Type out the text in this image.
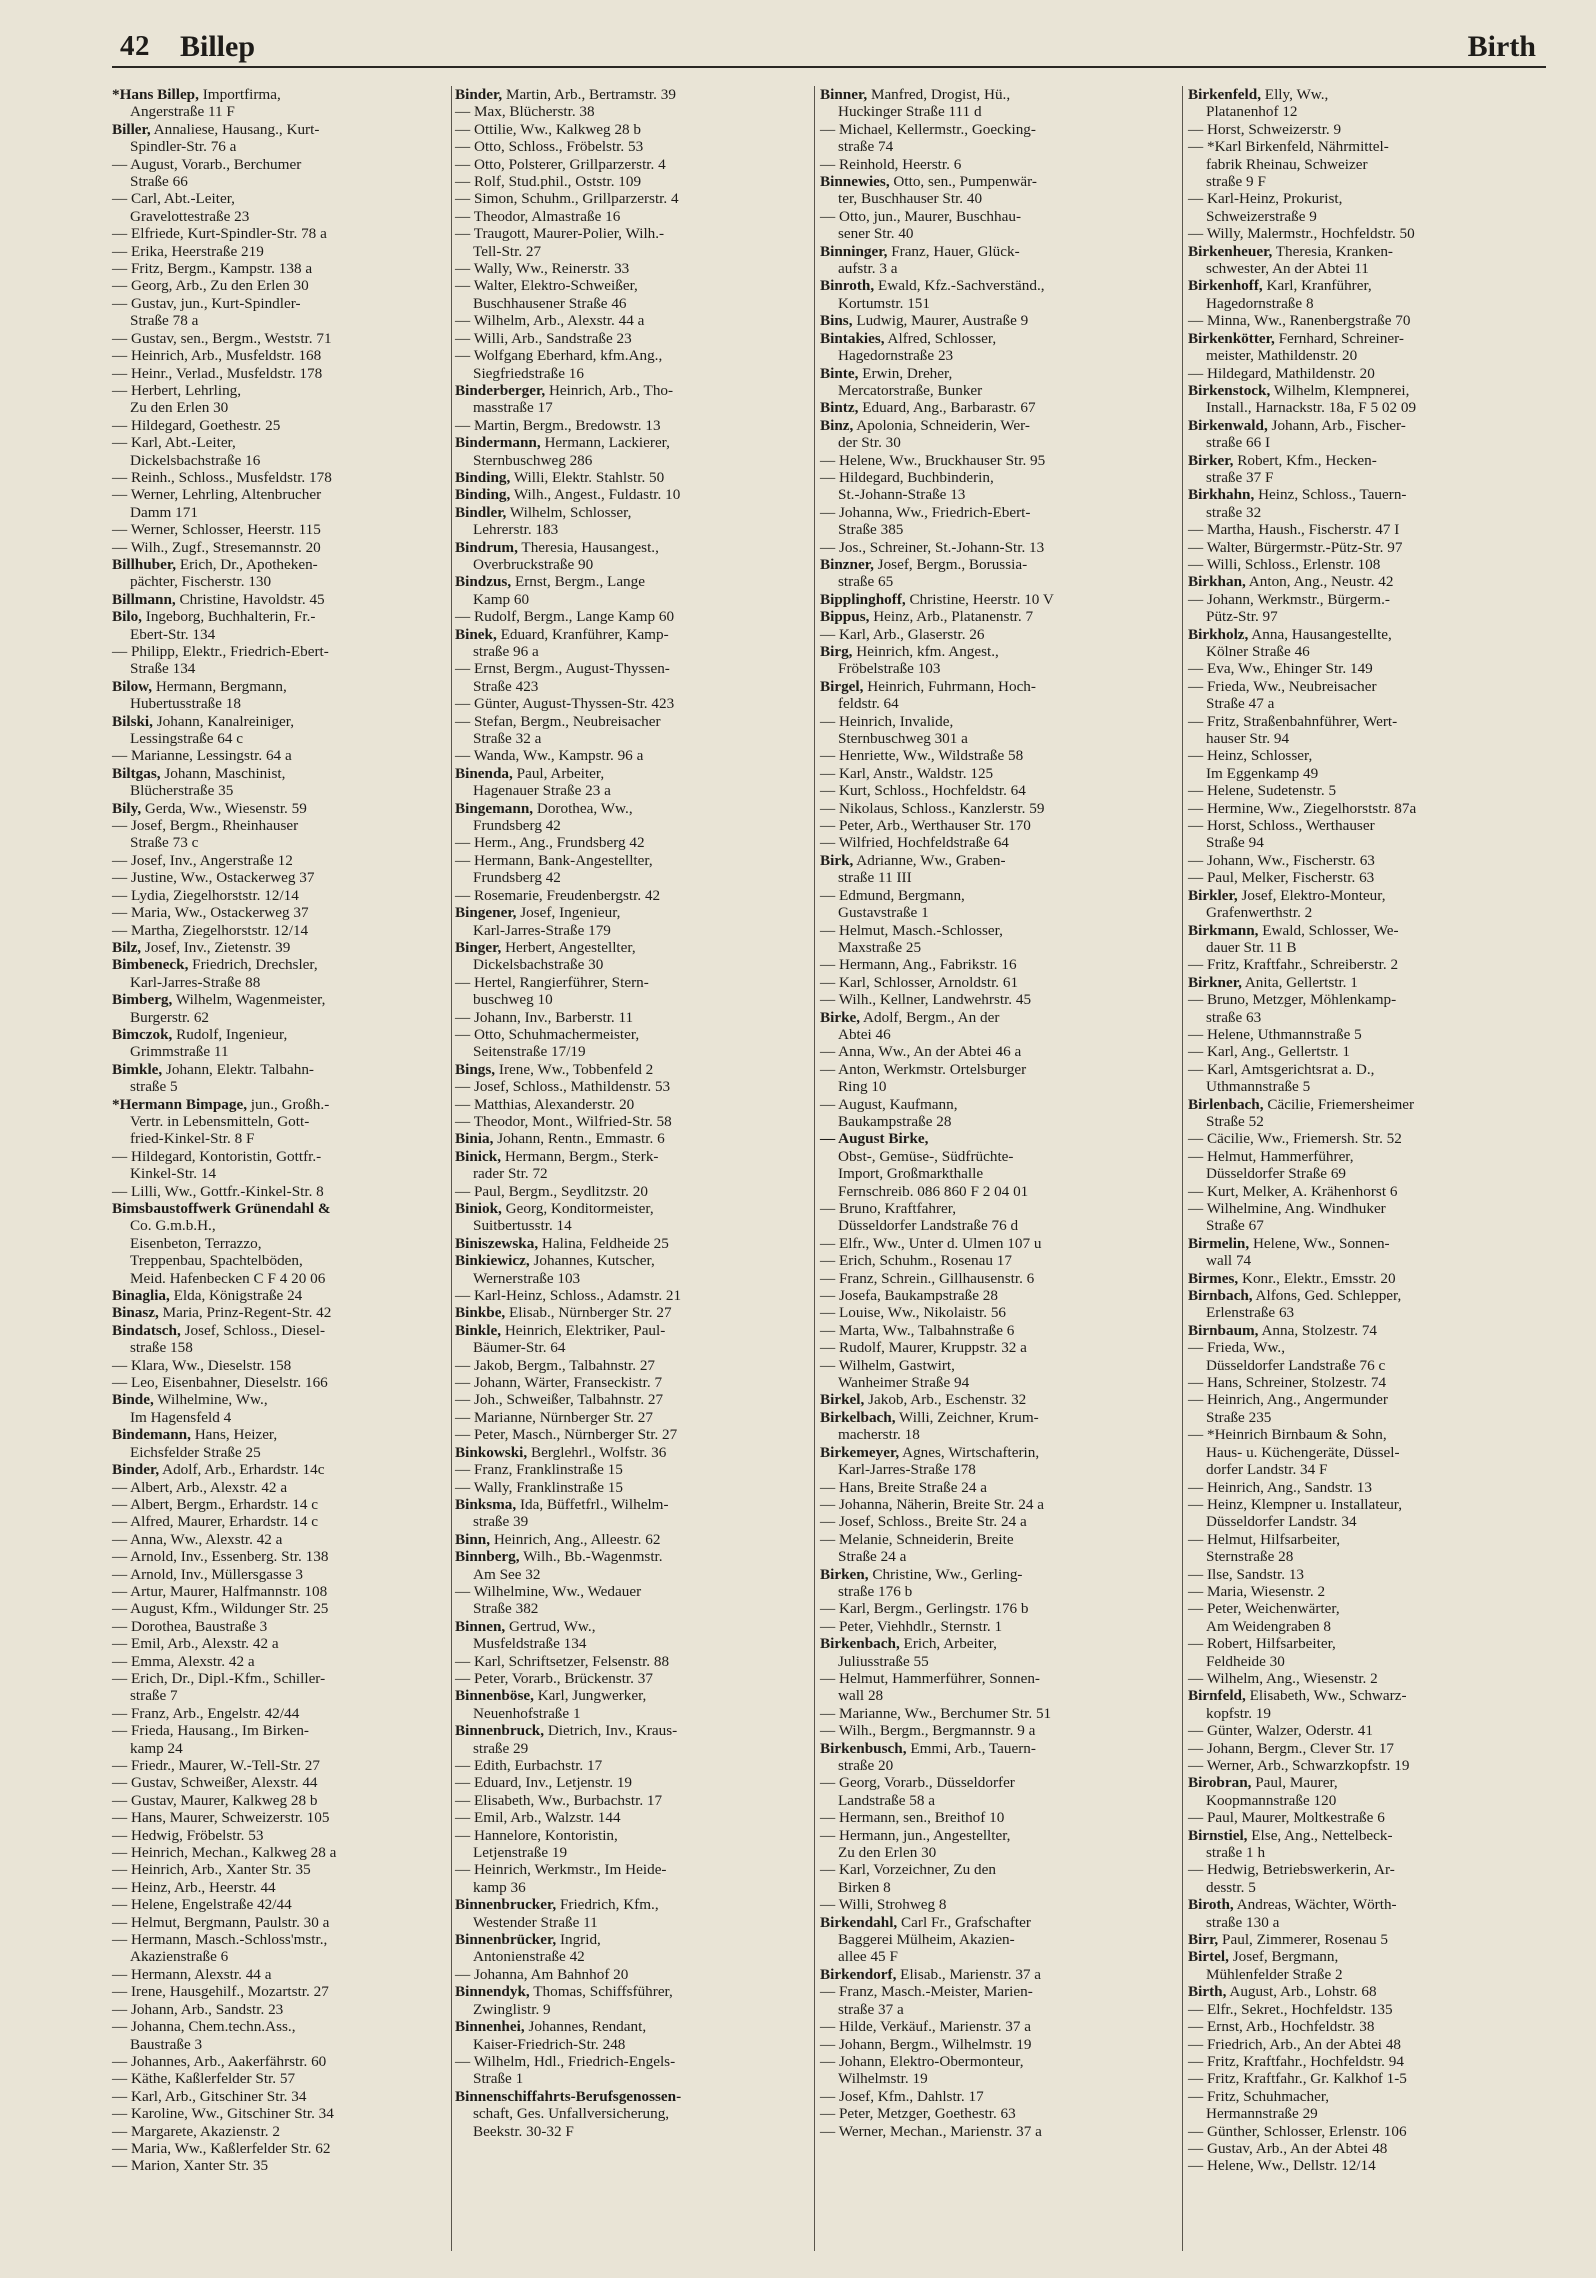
42 Billep	Birth

*Hans Billep, Importfirma,
Angerstraße 11 F

Biller, Annaliese, Hausang., Kurt-
Spindler-Str. 76 a

— August, Vorarb., Berchumer
Straße 66

— Carl, Abt.-Leiter,
Gravelottestraße 23

— Elfriede, Kurt-Spindler-Str. 78 a

— Erika, Heerstraße 219

— Fritz, Bergm., Kampstr. 138 a

— Georg, Arb., Zu den Erlen 30

— Gustav, jun., Kurt-Spindler-
Straße 78 a

— Gustav, sen., Bergm., Weststr. 71

— Heinrich, Arb., Musfeldstr. 168

— Heinr., Verlad., Musfeldstr. 178

— Herbert, Lehrling,
Zu den Erlen 30

— Hildegard, Goethestr. 25

— Karl, Abt.-Leiter,
Dickelsbachstraße 16

— Reinh., Schloss., Musfeldstr. 178

— Werner, Lehrling, Altenbrucher
Damm 171

— Werner, Schlosser, Heerstr. 115

— Wilh., Zugf., Stresemannstr. 20

Billhuber, Erich, Dr., Apotheken-
pächter, Fischerstr. 130

Billmann, Christine, Havoldstr. 45

Bilo, Ingeborg, Buchhalterin, Fr.-
Ebert-Str. 134

— Philipp, Elektr., Friedrich-Ebert-
Straße 134

Bilow, Hermann, Bergmann,
Hubertusstraße 18

Bilski, Johann, Kanalreiniger,
Lessingstraße 64 c

— Marianne, Lessingstr. 64 a

Biltgas, Johann, Maschinist,
Blücherstraße 35

Bily, Gerda, Ww., Wiesenstr. 59

— Josef, Bergm., Rheinhauser
Straße 73 c

— Josef, Inv., Angerstraße 12

— Justine, Ww., Ostackerweg 37

— Lydia, Ziegelhorststr. 12/14

— Maria, Ww., Ostackerweg 37

— Martha, Ziegelhorststr. 12/14

Bilz, Josef, Inv., Zietenstr. 39

Bimbeneck, Friedrich, Drechsler,
Karl-Jarres-Straße 88

Bimberg, Wilhelm, Wagenmeister,
Burgerstr. 62

Bimczok, Rudolf, Ingenieur,
Grimmstraße 11

Bimkle, Johann, Elektr. Talbahn-
straße 5

*Hermann Bimpage, jun., Großh.-
Vertr. in Lebensmitteln, Gott-
fried-Kinkel-Str. 8 F

— Hildegard, Kontoristin, Gottfr.-
Kinkel-Str. 14

— Lilli, Ww., Gottfr.-Kinkel-Str. 8

Bimsbaustoffwerk Grünendahl &
Co. G.m.b.H.,
Eisenbeton, Terrazzo,
Treppenbau, Spachtelböden,
Meid. Hafenbecken C F 4 20 06

Binaglia, Elda, Königstraße 24

Binasz, Maria, Prinz-Regent-Str. 42

Bindatsch, Josef, Schloss., Diesel-
straße 158

— Klara, Ww., Dieselstr. 158

— Leo, Eisenbahner, Dieselstr. 166

Binde, Wilhelmine, Ww.,
Im Hagensfeld 4

Bindemann, Hans, Heizer,
Eichsfelder Straße 25

Binder, Adolf, Arb., Erhardstr. 14c

— Albert, Arb., Alexstr. 42 a

— Albert, Bergm., Erhardstr. 14 c

— Alfred, Maurer, Erhardstr. 14 c

— Anna, Ww., Alexstr. 42 a

— Arnold, Inv., Essenberg. Str. 138

— Arnold, Inv., Müllersgasse 3

— Artur, Maurer, Halfmannstr. 108

— August, Kfm., Wildunger Str. 25

— Dorothea, Baustraße 3

— Emil, Arb., Alexstr. 42 a

— Emma, Alexstr. 42 a

— Erich, Dr., Dipl.-Kfm., Schiller-
straße 7

— Franz, Arb., Engelstr. 42/44

— Frieda, Hausang., Im Birken-
kamp 24

— Friedr., Maurer, W.-Tell-Str. 27

— Gustav, Schweißer, Alexstr. 44

— Gustav, Maurer, Kalkweg 28 b

— Hans, Maurer, Schweizerstr. 105

— Hedwig, Fröbelstr. 53

— Heinrich, Mechan., Kalkweg 28 a

— Heinrich, Arb., Xanter Str. 35

— Heinz, Arb., Heerstr. 44

— Helene, Engelstraße 42/44

— Helmut, Bergmann, Paulstr. 30 a

— Hermann, Masch.-Schloss'mstr.,
Akazienstraße 6

— Hermann, Alexstr. 44 a

— Irene, Hausgehilf., Mozartstr. 27

— Johann, Arb., Sandstr. 23

— Johanna, Chem.techn.Ass.,
Baustraße 3

— Johannes, Arb., Aakerfährstr. 60

— Käthe, Kaßlerfelder Str. 57

— Karl, Arb., Gitschiner Str. 34

— Karoline, Ww., Gitschiner Str. 34

— Margarete, Akazienstr. 2

— Maria, Ww., Kaßlerfelder Str. 62

— Marion, Xanter Str. 35

Binder, Martin, Arb., Bertramstr. 39

— Max, Blücherstr. 38

— Ottilie, Ww., Kalkweg 28 b

— Otto, Schloss., Fröbelstr. 53

— Otto, Polsterer, Grillparzerstr. 4

— Rolf, Stud.phil., Oststr. 109

— Simon, Schuhm., Grillparzerstr. 4

— Theodor, Almastraße 16

— Traugott, Maurer-Polier, Wilh.-
Tell-Str. 27

— Wally, Ww., Reinerstr. 33

— Walter, Elektro-Schweißer,
Buschhausener Straße 46

— Wilhelm, Arb., Alexstr. 44 a

— Willi, Arb., Sandstraße 23

— Wolfgang Eberhard, kfm.Ang.,
Siegfriedstraße 16

Binderberger, Heinrich, Arb., Tho-
masstraße 17

— Martin, Bergm., Bredowstr. 13

Bindermann, Hermann, Lackierer,
Sternbuschweg 286

Binding, Willi, Elektr. Stahlstr. 50

Binding, Wilh., Angest., Fuldastr. 10

Bindler, Wilhelm, Schlosser,
Lehrerstr. 183

Bindrum, Theresia, Hausangest.,
Overbruckstraße 90

Bindzus, Ernst, Bergm., Lange
Kamp 60

— Rudolf, Bergm., Lange Kamp 60

Binek, Eduard, Kranführer, Kamp-
straße 96 a

— Ernst, Bergm., August-Thyssen-
Straße 423

— Günter, August-Thyssen-Str. 423

— Stefan, Bergm., Neubreisacher
Straße 32 a

— Wanda, Ww., Kampstr. 96 a

Binenda, Paul, Arbeiter,
Hagenauer Straße 23 a

Bingemann, Dorothea, Ww.,
Frundsberg 42

— Herm., Ang., Frundsberg 42

— Hermann, Bank-Angestellter,
Frundsberg 42

— Rosemarie, Freudenbergstr. 42

Bingener, Josef, Ingenieur,
Karl-Jarres-Straße 179

Binger, Herbert, Angestellter,
Dickelsbachstraße 30

— Hertel, Rangierführer, Stern-
buschweg 10

— Johann, Inv., Barberstr. 11

— Otto, Schuhmachermeister,
Seitenstraße 17/19

Bings, Irene, Ww., Tobbenfeld 2

— Josef, Schloss., Mathildenstr. 53

— Matthias, Alexanderstr. 20

— Theodor, Mont., Wilfried-Str. 58

Binia, Johann, Rentn., Emmastr. 6

Binick, Hermann, Bergm., Sterk-
rader Str. 72

— Paul, Bergm., Seydlitzstr. 20

Biniok, Georg, Konditormeister,
Suitbertusstr. 14

Biniszewska, Halina, Feldheide 25

Binkiewicz, Johannes, Kutscher,
Wernerstraße 103

— Karl-Heinz, Schloss., Adamstr. 21

Binkbe, Elisab., Nürnberger Str. 27

Binkle, Heinrich, Elektriker, Paul-
Bäumer-Str. 64

— Jakob, Bergm., Talbahnstr. 27

— Johann, Wärter, Franseckistr. 7

— Joh., Schweißer, Talbahnstr. 27

— Marianne, Nürnberger Str. 27

— Peter, Masch., Nürnberger Str. 27

Binkowski, Berglehrl., Wolfstr. 36

— Franz, Franklinstraße 15

— Wally, Franklinstraße 15

Binksma, Ida, Büffetfrl., Wilhelm-
straße 39

Binn, Heinrich, Ang., Alleestr. 62

Binnberg, Wilh., Bb.-Wagenmstr.
Am See 32

— Wilhelmine, Ww., Wedauer
Straße 382

Binnen, Gertrud, Ww.,
Musfeldstraße 134

— Karl, Schriftsetzer, Felsenstr. 88

— Peter, Vorarb., Brückenstr. 37

Binnenböse, Karl, Jungwerker,
Neuenhofstraße 1

Binnenbruck, Dietrich, Inv., Kraus-
straße 29

— Edith, Eurbachstr. 17

— Eduard, Inv., Letjenstr. 19

— Elisabeth, Ww., Burbachstr. 17

— Emil, Arb., Walzstr. 144

— Hannelore, Kontoristin,
Letjenstraße 19

— Heinrich, Werkmstr., Im Heide-
kamp 36

Binnenbrucker, Friedrich, Kfm.,
Westender Straße 11

Binnenbrücker, Ingrid,
Antonienstraße 42

— Johanna, Am Bahnhof 20

Binnendyk, Thomas, Schiffsführer,
Zwinglistr. 9

Binnenhei, Johannes, Rendant,
Kaiser-Friedrich-Str. 248

— Wilhelm, Hdl., Friedrich-Engels-
Straße 1

Binnenschiffahrts-Berufsgenossen-
schaft, Ges. Unfallversicherung,
Beekstr. 30-32 F

Binner, Manfred, Drogist, Hü.,
Huckinger Straße 111 d

— Michael, Kellermstr., Goecking-
straße 74

— Reinhold, Heerstr. 6

Binnewies, Otto, sen., Pumpenwär-
ter, Buschhauser Str. 40

— Otto, jun., Maurer, Buschhau-
sener Str. 40

Binninger, Franz, Hauer, Glück-
aufstr. 3 a

Binroth, Ewald, Kfz.-Sachverständ.,
Kortumstr. 151

Bins, Ludwig, Maurer, Austraße 9

Bintakies, Alfred, Schlosser,
Hagedornstraße 23

Binte, Erwin, Dreher,
Mercatorstraße, Bunker

Bintz, Eduard, Ang., Barbarastr. 67

Binz, Apolonia, Schneiderin, Wer-
der Str. 30

— Helene, Ww., Bruckhauser Str. 95

— Hildegard, Buchbinderin,
St.-Johann-Straße 13

— Johanna, Ww., Friedrich-Ebert-
Straße 385

— Jos., Schreiner, St.-Johann-Str. 13

Binzner, Josef, Bergm., Borussia-
straße 65

Bipplinghoff, Christine, Heerstr. 10 V

Bippus, Heinz, Arb., Platanenstr. 7

— Karl, Arb., Glaserstr. 26

Birg, Heinrich, kfm. Angest.,
Fröbelstraße 103

Birgel, Heinrich, Fuhrmann, Hoch-
feldstr. 64

— Heinrich, Invalide,
Sternbuschweg 301 a

— Henriette, Ww., Wildstraße 58

— Karl, Anstr., Waldstr. 125

— Kurt, Schloss., Hochfeldstr. 64

— Nikolaus, Schloss., Kanzlerstr. 59

— Peter, Arb., Werthauser Str. 170

— Wilfried, Hochfeldstraße 64

Birk, Adrianne, Ww., Graben-
straße 11 III

— Edmund, Bergmann,
Gustavstraße 1

— Helmut, Masch.-Schlosser,
Maxstraße 25

— Hermann, Ang., Fabrikstr. 16

— Karl, Schlosser, Arnoldstr. 61

— Wilh., Kellner, Landwehrstr. 45

Birke, Adolf, Bergm., An der
Abtei 46

— Anna, Ww., An der Abtei 46 a

— Anton, Werkmstr. Ortelsburger
Ring 10

— August, Kaufmann,
Baukampstraße 28

— August Birke,
Obst-, Gemüse-, Südfrüchte-
Import, Großmarkthalle
Fernschreib. 086 860 F 2 04 01

— Bruno, Kraftfahrer,
Düsseldorfer Landstraße 76 d

— Elfr., Ww., Unter d. Ulmen 107 u

— Erich, Schuhm., Rosenau 17

— Franz, Schrein., Gillhausenstr. 6

— Josefa, Baukampstraße 28

— Louise, Ww., Nikolaistr. 56

— Marta, Ww., Talbahnstraße 6

— Rudolf, Maurer, Kruppstr. 32 a

— Wilhelm, Gastwirt,
Wanheimer Straße 94

Birkel, Jakob, Arb., Eschenstr. 32

Birkelbach, Willi, Zeichner, Krum-
macherstr. 18

Birkemeyer, Agnes, Wirtschafterin,
Karl-Jarres-Straße 178

— Hans, Breite Straße 24 a

— Johanna, Näherin, Breite Str. 24 a

— Josef, Schloss., Breite Str. 24 a

— Melanie, Schneiderin, Breite
Straße 24 a

Birken, Christine, Ww., Gerling-
straße 176 b

— Karl, Bergm., Gerlingstr. 176 b

— Peter, Viehhdlr., Sternstr. 1

Birkenbach, Erich, Arbeiter,
Juliusstraße 55

— Helmut, Hammerführer, Sonnen-
wall 28

— Marianne, Ww., Berchumer Str. 51

— Wilh., Bergm., Bergmannstr. 9 a

Birkenbusch, Emmi, Arb., Tauern-
straße 20

— Georg, Vorarb., Düsseldorfer
Landstraße 58 a

— Hermann, sen., Breithof 10

— Hermann, jun., Angestellter,
Zu den Erlen 30

— Karl, Vorzeichner, Zu den
Birken 8

— Willi, Strohweg 8

Birkendahl, Carl Fr., Grafschafter
Baggerei Mülheim, Akazien-
allee 45 F

Birkendorf, Elisab., Marienstr. 37 a

— Franz, Masch.-Meister, Marien-
straße 37 a

— Hilde, Verkäuf., Marienstr. 37 a

— Johann, Bergm., Wilhelmstr. 19

— Johann, Elektro-Obermonteur,
Wilhelmstr. 19

— Josef, Kfm., Dahlstr. 17

— Peter, Metzger, Goethestr. 63

— Werner, Mechan., Marienstr. 37 a

Birkenfeld, Elly, Ww.,
Platanenhof 12

— Horst, Schweizerstr. 9

— *Karl Birkenfeld, Nährmittel-
fabrik Rheinau, Schweizer
straße 9 F

— Karl-Heinz, Prokurist,
Schweizerstraße 9

— Willy, Malermstr., Hochfeldstr. 50

Birkenheuer, Theresia, Kranken-
schwester, An der Abtei 11

Birkenhoff, Karl, Kranführer,
Hagedornstraße 8

— Minna, Ww., Ranenbergstraße 70

Birkenkötter, Fernhard, Schreiner-
meister, Mathildenstr. 20

— Hildegard, Mathildenstr. 20

Birkenstock, Wilhelm, Klempnerei,
Install., Harnackstr. 18a, F 5 02 09

Birkenwald, Johann, Arb., Fischer-
straße 66 I

Birker, Robert, Kfm., Hecken-
straße 37 F

Birkhahn, Heinz, Schloss., Tauern-
straße 32

— Martha, Haush., Fischerstr. 47 I

— Walter, Bürgermstr.-Pütz-Str. 97

— Willi, Schloss., Erlenstr. 108

Birkhan, Anton, Ang., Neustr. 42

— Johann, Werkmstr., Bürgerm.-
Pütz-Str. 97

Birkholz, Anna, Hausangestellte,
Kölner Straße 46

— Eva, Ww., Ehinger Str. 149

— Frieda, Ww., Neubreisacher
Straße 47 a

— Fritz, Straßenbahnführer, Wert-
hauser Str. 94

— Heinz, Schlosser,
Im Eggenkamp 49

— Helene, Sudetenstr. 5

— Hermine, Ww., Ziegelhorststr. 87a

— Horst, Schloss., Werthauser
Straße 94

— Johann, Ww., Fischerstr. 63

— Paul, Melker, Fischerstr. 63

Birkler, Josef, Elektro-Monteur,
Grafenwerthstr. 2

Birkmann, Ewald, Schlosser, We-
dauer Str. 11 B

— Fritz, Kraftfahr., Schreiberstr. 2

Birkner, Anita, Gellertstr. 1

— Bruno, Metzger, Möhlenkamp-
straße 63

— Helene, Uthmannstraße 5

— Karl, Ang., Gellertstr. 1

— Karl, Amtsgerichtsrat a. D.,
Uthmannstraße 5

Birlenbach, Cäcilie, Friemersheimer
Straße 52

— Cäcilie, Ww., Friemersh. Str. 52

— Helmut, Hammerführer,
Düsseldorfer Straße 69

— Kurt, Melker, A. Krähenhorst 6

— Wilhelmine, Ang. Windhuker
Straße 67

Birmelin, Helene, Ww., Sonnen-
wall 74

Birmes, Konr., Elektr., Emsstr. 20

Birnbach, Alfons, Ged. Schlepper,
Erlenstraße 63

Birnbaum, Anna, Stolzestr. 74

— Frieda, Ww.,
Düsseldorfer Landstraße 76 c

— Hans, Schreiner, Stolzestr. 74

— Heinrich, Ang., Angermunder
Straße 235

— *Heinrich Birnbaum & Sohn,
Haus- u. Küchengeräte, Düssel-
dorfer Landstr. 34 F

— Heinrich, Ang., Sandstr. 13

— Heinz, Klempner u. Installateur,
Düsseldorfer Landstr. 34

— Helmut, Hilfsarbeiter,
Sternstraße 28

— Ilse, Sandstr. 13

— Maria, Wiesenstr. 2

— Peter, Weichenwärter,
Am Weidengraben 8

— Robert, Hilfsarbeiter,
Feldheide 30

— Wilhelm, Ang., Wiesenstr. 2

Birnfeld, Elisabeth, Ww., Schwarz-
kopfstr. 19

— Günter, Walzer, Oderstr. 41

— Johann, Bergm., Clever Str. 17

— Werner, Arb., Schwarzkopfstr. 19

Birobran, Paul, Maurer,
Koopmannstraße 120

— Paul, Maurer, Moltkestraße 6

Birnstiel, Else, Ang., Nettelbeck-
straße 1 h

— Hedwig, Betriebswerkerin, Ar-
desstr. 5

Biroth, Andreas, Wächter, Wörth-
straße 130 a

Birr, Paul, Zimmerer, Rosenau 5

Birtel, Josef, Bergmann,
Mühlenfelder Straße 2

Birth, August, Arb., Lohstr. 68

— Elfr., Sekret., Hochfeldstr. 135

— Ernst, Arb., Hochfeldstr. 38

— Friedrich, Arb., An der Abtei 48

— Fritz, Kraftfahr., Hochfeldstr. 94

— Fritz, Kraftfahr., Gr. Kalkhof 1-5

— Fritz, Schuhmacher,
Hermannstraße 29

— Günther, Schlosser, Erlenstr. 106

— Gustav, Arb., An der Abtei 48

— Helene, Ww., Dellstr. 12/14
